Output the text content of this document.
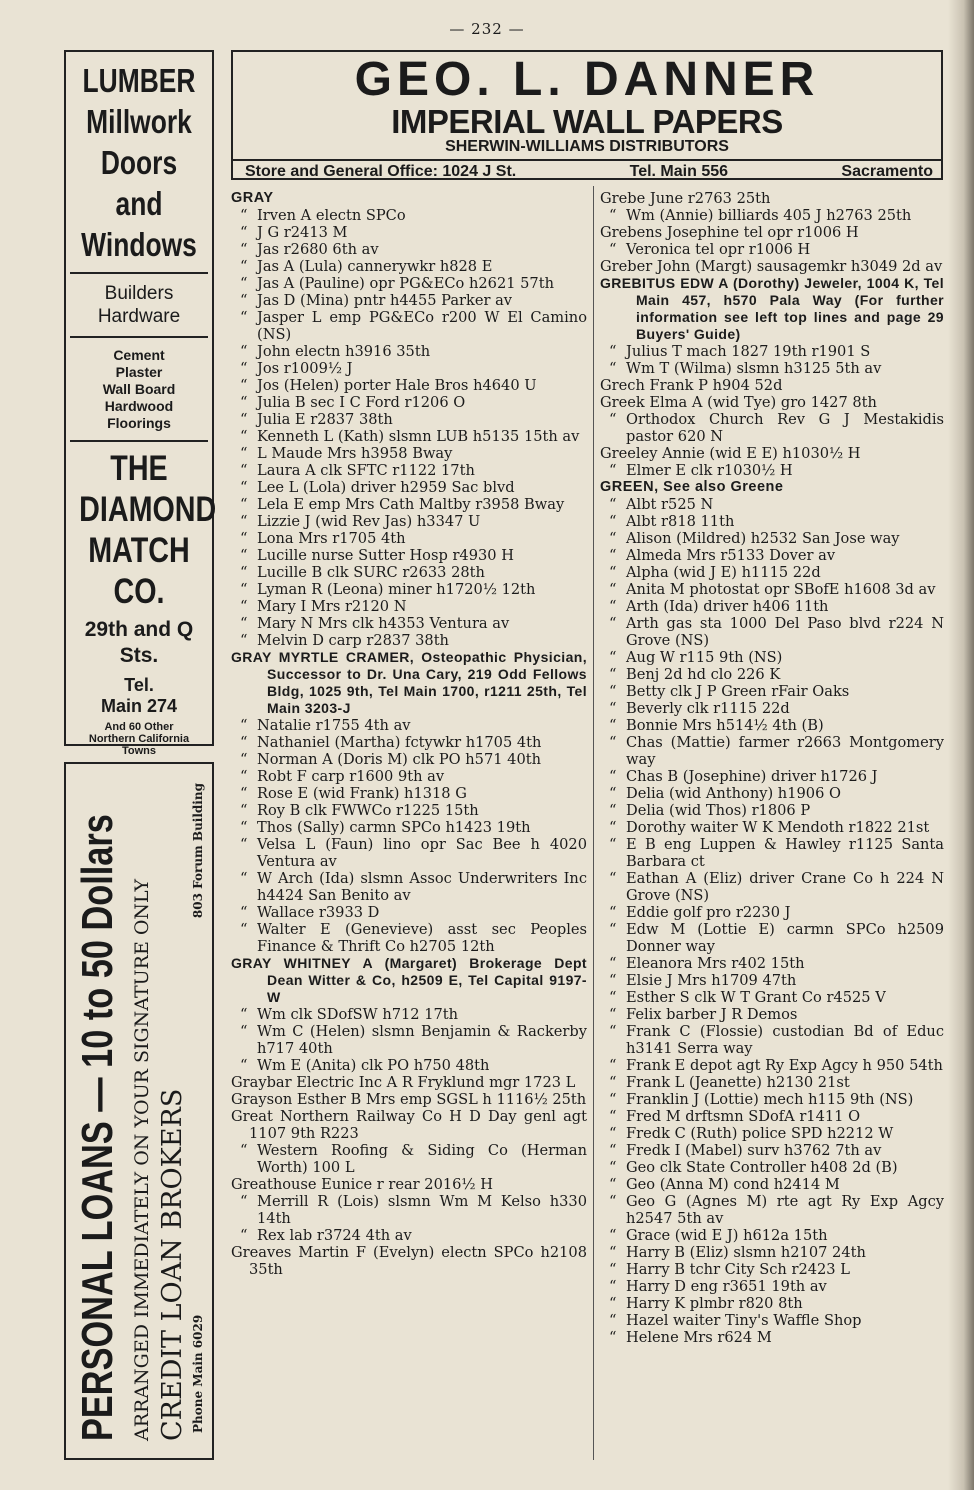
— 232 —
LUMBER
Millwork
Doors and
Windows
Builders
Hardware
Cement
Plaster
Wall Board
Hardwood
Floorings
THE
DIAMOND
MATCH
CO.
29th and Q
Sts.
Tel.
Main 274
And 60 Other
Northern California
Towns
PERSONAL LOANS — 10 to 50 Dollars ARRANGED IMMEDIATELY ON YOUR SIGNATURE ONLY CREDIT LOAN BROKERS Phone Main 6029
803 Forum Building
GEO. L. DANNER
IMPERIAL WALL PAPERS
SHERWIN-WILLIAMS DISTRIBUTORS
Store and General Office: 1024 J St.	Tel. Main 556	Sacramento
GRAY
“ Irven A electn SPCo
“ J G r2413 M
“ Jas r2680 6th av
“ Jas A (Lula) cannerywkr h828 E
“ Jas A (Pauline) opr PG&ECo h2621 57th
“ Jas D (Mina) pntr h4455 Parker av
“ Jasper L emp PG&ECo r200 W El Camino (NS)
“ John electn h3916 35th
“ Jos r1009½ J
“ Jos (Helen) porter Hale Bros h4640 U
“ Julia B sec I C Ford r1206 O
“ Julia E r2837 38th
“ Kenneth L (Kath) slsmn LUB h5135 15th av
“ L Maude Mrs h3958 Bway
“ Laura A clk SFTC r1122 17th
“ Lee L (Lola) driver h2959 Sac blvd
“ Lela E emp Mrs Cath Maltby r3958 Bway
“ Lizzie J (wid Rev Jas) h3347 U
“ Lona Mrs r1705 4th
“ Lucille nurse Sutter Hosp r4930 H
“ Lucille B clk SURC r2633 28th
“ Lyman R (Leona) miner h1720½ 12th
“ Mary I Mrs r2120 N
“ Mary N Mrs clk h4353 Ventura av
“ Melvin D carp r2837 38th
GRAY MYRTLE CRAMER, Osteopathic Physician, Successor to Dr. Una Cary, 219 Odd Fellows Bldg, 1025 9th, Tel Main 1700, r1211 25th, Tel Main 3203-J
“ Natalie r1755 4th av
“ Nathaniel (Martha) fctywkr h1705 4th
“ Norman A (Doris M) clk PO h571 40th
“ Robt F carp r1600 9th av
“ Rose E (wid Frank) h1318 G
“ Roy B clk FWWCo r1225 15th
“ Thos (Sally) carmn SPCo h1423 19th
“ Velsa L (Faun) lino opr Sac Bee h 4020 Ventura av
“ W Arch (Ida) slsmn Assoc Underwriters Inc h4424 San Benito av
“ Wallace r3933 D
“ Walter E (Genevieve) asst sec Peoples Finance & Thrift Co h2705 12th
GRAY WHITNEY A (Margaret) Brokerage Dept Dean Witter & Co, h2509 E, Tel Capital 9197-W
“ Wm clk SDofSW h712 17th
“ Wm C (Helen) slsmn Benjamin & Rackerby h717 40th
“ Wm E (Anita) clk PO h750 48th
Graybar Electric Inc A R Fryklund mgr 1723 L
Grayson Esther B Mrs emp SGSL h 1116½ 25th
Great Northern Railway Co H D Day genl agt 1107 9th R223
“ Western Roofing & Siding Co (Herman Worth) 100 L
Greathouse Eunice r rear 2016½ H
“ Merrill R (Lois) slsmn Wm M Kelso h330 14th
“ Rex lab r3724 4th av
Greaves Martin F (Evelyn) electn SPCo h2108 35th
Grebe June r2763 25th
“ Wm (Annie) billiards 405 J h2763 25th
Grebens Josephine tel opr r1006 H
“ Veronica tel opr r1006 H
Greber John (Margt) sausagemkr h3049 2d av
GREBITUS EDW A (Dorothy) Jeweler, 1004 K, Tel Main 457, h570 Pala Way (For further information see left top lines and page 29 Buyers' Guide)
“ Julius T mach 1827 19th r1901 S
“ Wm T (Wilma) slsmn h3125 5th av
Grech Frank P h904 52d
Greek Elma A (wid Tye) gro 1427 8th
“ Orthodox Church Rev G J Mestakidis pastor 620 N
Greeley Annie (wid E E) h1030½ H
“ Elmer E clk r1030½ H
GREEN, See also Greene
“ Albt r525 N
“ Albt r818 11th
“ Alison (Mildred) h2532 San Jose way
“ Almeda Mrs r5133 Dover av
“ Alpha (wid J E) h1115 22d
“ Anita M photostat opr SBofE h1608 3d av
“ Arth (Ida) driver h406 11th
“ Arth gas sta 1000 Del Paso blvd r224 N Grove (NS)
“ Aug W r115 9th (NS)
“ Benj 2d hd clo 226 K
“ Betty clk J P Green rFair Oaks
“ Beverly clk r1115 22d
“ Bonnie Mrs h514½ 4th (B)
“ Chas (Mattie) farmer r2663 Montgomery way
“ Chas B (Josephine) driver h1726 J
“ Delia (wid Anthony) h1906 O
“ Delia (wid Thos) r1806 P
“ Dorothy waiter W K Mendoth r1822 21st
“ E B eng Luppen & Hawley r1125 Santa Barbara ct
“ Eathan A (Eliz) driver Crane Co h 224 N Grove (NS)
“ Eddie golf pro r2230 J
“ Edw M (Lottie E) carmn SPCo h2509 Donner way
“ Eleanora Mrs r402 15th
“ Elsie J Mrs h1709 47th
“ Esther S clk W T Grant Co r4525 V
“ Felix barber J R Demos
“ Frank C (Flossie) custodian Bd of Educ h3141 Serra way
“ Frank E depot agt Ry Exp Agcy h 950 54th
“ Frank L (Jeanette) h2130 21st
“ Franklin J (Lottie) mech h115 9th (NS)
“ Fred M drftsmn SDofA r1411 O
“ Fredk C (Ruth) police SPD h2212 W
“ Fredk I (Mabel) surv h3762 7th av
“ Geo clk State Controller h408 2d (B)
“ Geo (Anna M) cond h2414 M
“ Geo G (Agnes M) rte agt Ry Exp Agcy h2547 5th av
“ Grace (wid E J) h612a 15th
“ Harry B (Eliz) slsmn h2107 24th
“ Harry B tchr City Sch r2423 L
“ Harry D eng r3651 19th av
“ Harry K plmbr r820 8th
“ Hazel waiter Tiny's Waffle Shop
“ Helene Mrs r624 M
